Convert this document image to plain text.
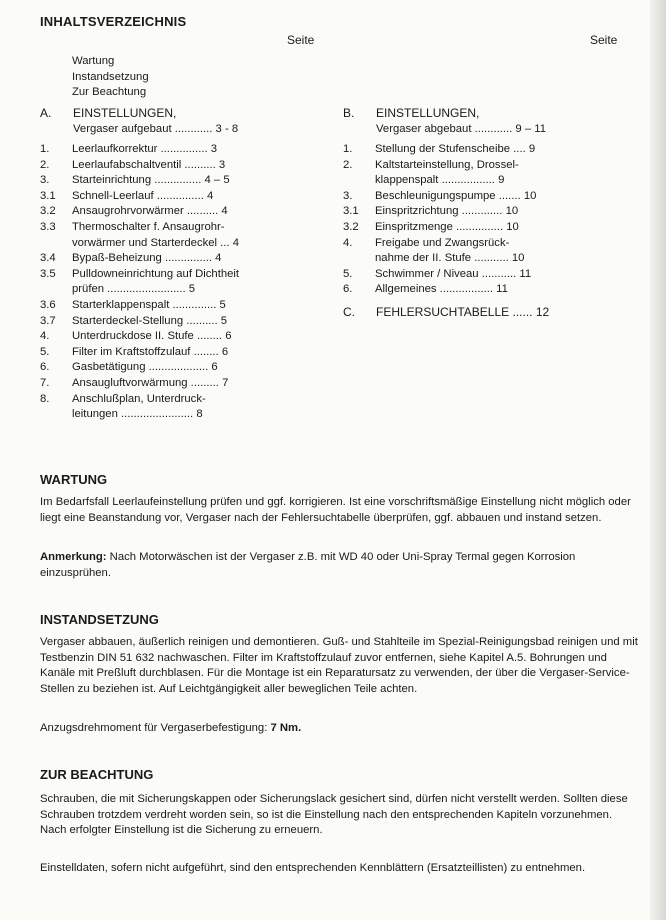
INHALTSVERZEICHNIS
Seite	Seite
Wartung
Instandsetzung
Zur Beachtung
A. EINSTELLUNGEN,
Vergaser aufgebaut ............ 3 - 8
1. Leerlaufkorrektur ............... 3
2. Leerlaufabschaltventil .......... 3
3. Starteinrichtung ............... 4 – 5
3.1 Schnell-Leerlauf ............... 4
3.2 Ansaugrohrvorwärmer .......... 4
3.3 Thermoschalter f. Ansaugrohr-
vorwärmer und Starterdeckel ... 4
3.4 Bypaß-Beheizung ............... 4
3.5 Pulldowneinrichtung auf Dichtheit
prüfen ......................... 5
3.6 Starterklappenspalt .............. 5
3.7 Starterdeckel-Stellung .......... 5
4. Unterdruckdose II. Stufe ........ 6
5. Filter im Kraftstoffzulauf ........ 6
6. Gasbetätigung ................... 6
7. Ansaugluftvorwärmung ......... 7
8. Anschlußplan, Unterdruck-
leitungen ....................... 8
B. EINSTELLUNGEN,
Vergaser abgebaut ............ 9 – 11
1. Stellung der Stufenscheibe .... 9
2. Kaltstarteinstellung, Drossel-
klappenspalt ................. 9
3. Beschleunigungspumpe ....... 10
3.1 Einspritzrichtung ............. 10
3.2 Einspritzmenge ............... 10
4. Freigabe und Zwangsrück-
nahme der II. Stufe ........... 10
5. Schwimmer / Niveau ........... 11
6. Allgemeines ................. 11
C. FEHLERSUCHTABELLE ...... 12
WARTUNG
Im Bedarfsfall Leerlaufeinstellung prüfen und ggf. korrigieren. Ist eine vorschriftsmäßige Einstellung nicht möglich oder liegt eine Beanstandung vor, Vergaser nach der Fehlersuchtabelle überprüfen, ggf. abbauen und instand setzen.
Anmerkung: Nach Motorwäschen ist der Vergaser z.B. mit WD 40 oder Uni-Spray Termal gegen Korrosion einzusprühen.
INSTANDSETZUNG
Vergaser abbauen, äußerlich reinigen und demontieren. Guß- und Stahlteile im Spezial-Reinigungsbad reinigen und mit Testbenzin DIN 51 632 nachwaschen. Filter im Kraftstoffzulauf zuvor entfernen, siehe Kapitel A.5. Bohrungen und Kanäle mit Preßluft durchblasen. Für die Montage ist ein Reparatursatz zu verwenden, der über die Vergaser-Service-Stellen zu beziehen ist. Auf Leichtgängigkeit aller beweglichen Teile achten.
Anzugsdrehmoment für Vergaserbefestigung: 7 Nm.
ZUR BEACHTUNG
Schrauben, die mit Sicherungskappen oder Sicherungslack gesichert sind, dürfen nicht verstellt werden. Sollten diese Schrauben trotzdem verdreht worden sein, so ist die Einstellung nach den entsprechenden Kapiteln vorzunehmen. Nach erfolgter Einstellung ist die Sicherung zu erneuern.
Einstelldaten, sofern nicht aufgeführt, sind den entsprechenden Kennblättern (Ersatzteillisten) zu entnehmen.
